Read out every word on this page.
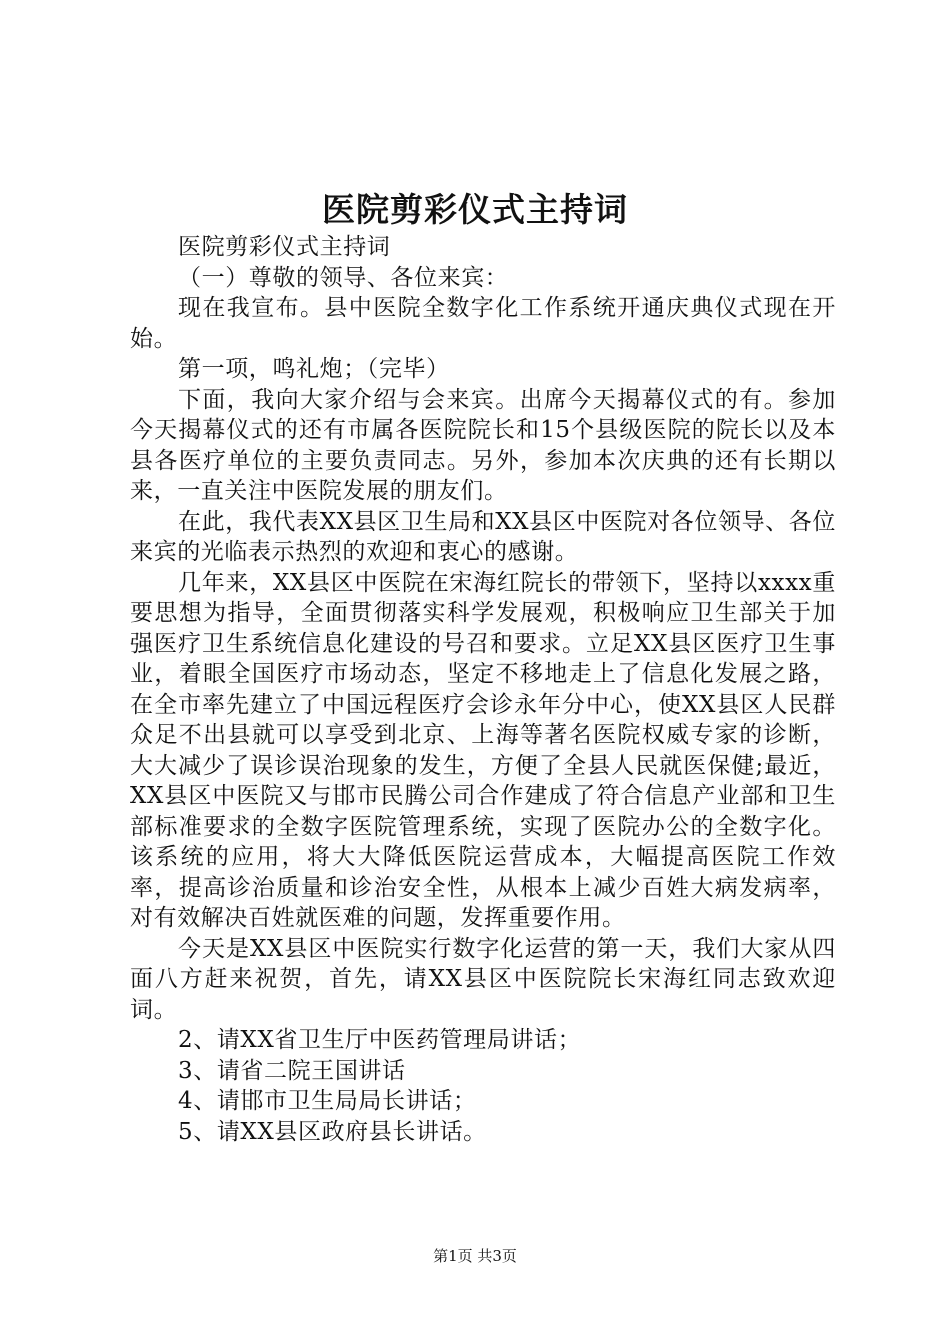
医院剪彩仪式主持词

医院剪彩仪式主持词

（一）尊敬的领导、各位来宾：

现在我宣布。县中医院全数字化工作系统开通庆典仪式现在开始。

第一项，鸣礼炮；（完毕）

下面，我向大家介绍与会来宾。出席今天揭幕仪式的有。参加今天揭幕仪式的还有市属各医院院长和15个县级医院的院长以及本县各医疗单位的主要负责同志。另外，参加本次庆典的还有长期以来，一直关注中医院发展的朋友们。

在此，我代表XX县区卫生局和XX县区中医院对各位领导、各位来宾的光临表示热烈的欢迎和衷心的感谢。

几年来，XX县区中医院在宋海红院长的带领下，坚持以xxxx重要思想为指导，全面贯彻落实科学发展观，积极响应卫生部关于加强医疗卫生系统信息化建设的号召和要求。立足XX县区医疗卫生事业，着眼全国医疗市场动态，坚定不移地走上了信息化发展之路，在全市率先建立了中国远程医疗会诊永年分中心，使XX县区人民群众足不出县就可以享受到北京、上海等著名医院权威专家的诊断，大大减少了误诊误治现象的发生，方便了全县人民就医保健;最近，XX县区中医院又与邯市民腾公司合作建成了符合信息产业部和卫生部标准要求的全数字医院管理系统，实现了医院办公的全数字化。该系统的应用，将大大降低医院运营成本，大幅提高医院工作效率，提高诊治质量和诊治安全性，从根本上减少百姓大病发病率，对有效解决百姓就医难的问题，发挥重要作用。

今天是XX县区中医院实行数字化运营的第一天，我们大家从四面八方赶来祝贺，首先，请XX县区中医院院长宋海红同志致欢迎词。

2、请XX省卫生厅中医药管理局讲话；

3、请省二院王国讲话

4、请邯市卫生局局长讲话；

5、请XX县区政府县长讲话。

第1页 共3页
